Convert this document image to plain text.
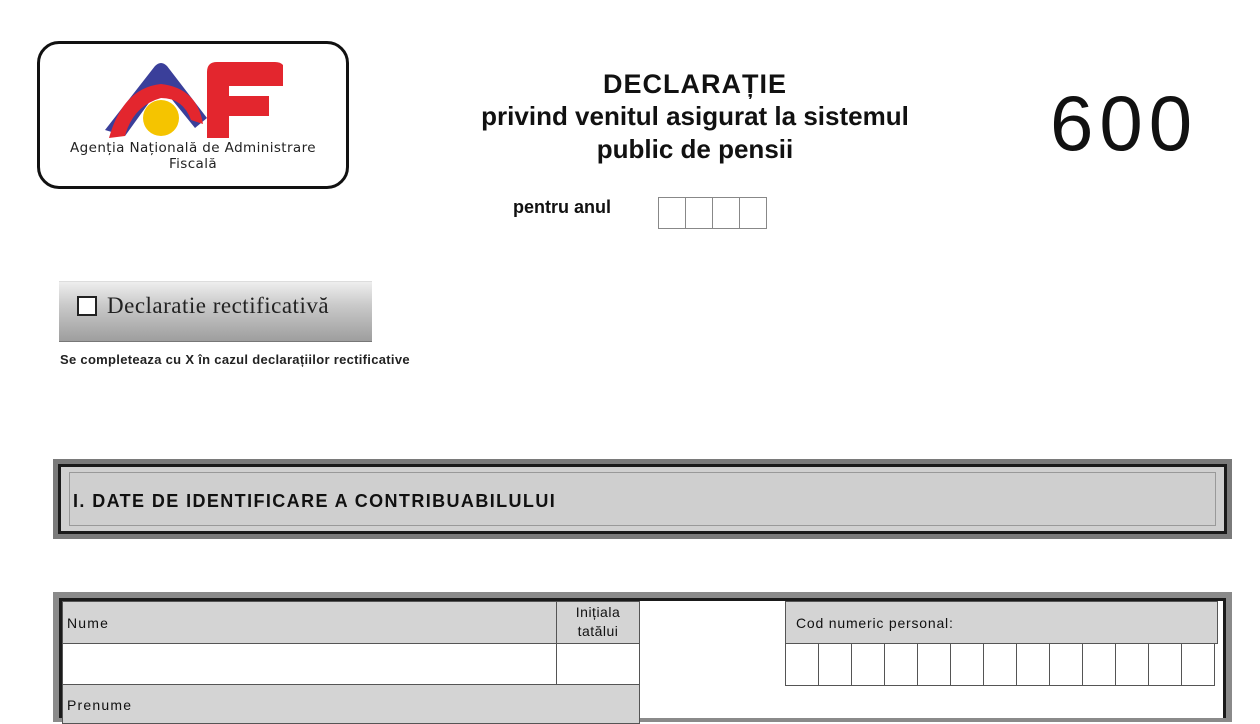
Agenția Națională de Administrare
Fiscală
DECLARAȚIE
privind venitul asigurat la sistemul
public de pensii	600
pentru anul
Declaratie rectificativă
Se completeaza cu X în cazul declarațiilor rectificative
I. DATE DE IDENTIFICARE A CONTRIBUABILULUI
Nume
Inițiala
tatălui
Prenume
Cod numeric personal:
